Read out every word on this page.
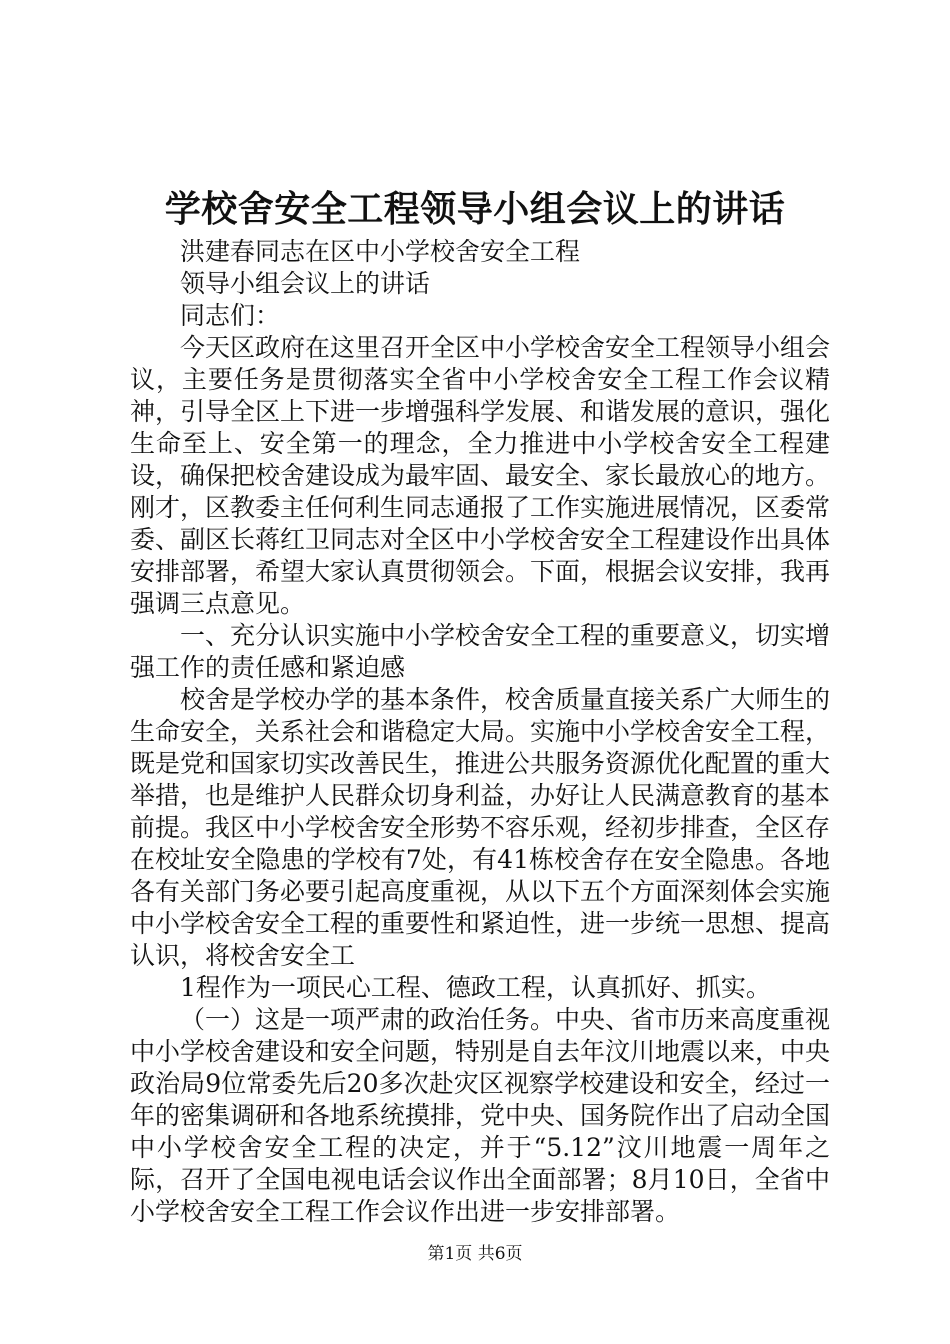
学校舍安全工程领导小组会议上的讲话

洪建春同志在区中小学校舍安全工程

领导小组会议上的讲话

同志们：

今天区政府在这里召开全区中小学校舍安全工程领导小组会议，主要任务是贯彻落实全省中小学校舍安全工程工作会议精神，引导全区上下进一步增强科学发展、和谐发展的意识，强化生命至上、安全第一的理念，全力推进中小学校舍安全工程建设，确保把校舍建设成为最牢固、最安全、家长最放心的地方。刚才，区教委主任何利生同志通报了工作实施进展情况，区委常委、副区长蒋红卫同志对全区中小学校舍安全工程建设作出具体安排部署，希望大家认真贯彻领会。下面，根据会议安排，我再强调三点意见。

一、充分认识实施中小学校舍安全工程的重要意义，切实增强工作的责任感和紧迫感

校舍是学校办学的基本条件，校舍质量直接关系广大师生的生命安全，关系社会和谐稳定大局。实施中小学校舍安全工程，既是党和国家切实改善民生，推进公共服务资源优化配置的重大举措，也是维护人民群众切身利益，办好让人民满意教育的基本前提。我区中小学校舍安全形势不容乐观，经初步排查，全区存在校址安全隐患的学校有7处，有41栋校舍存在安全隐患。各地各有关部门务必要引起高度重视，从以下五个方面深刻体会实施中小学校舍安全工程的重要性和紧迫性，进一步统一思想、提高认识，将校舍安全工

1程作为一项民心工程、德政工程，认真抓好、抓实。

（一）这是一项严肃的政治任务。中央、省市历来高度重视中小学校舍建设和安全问题，特别是自去年汶川地震以来，中央政治局9位常委先后20多次赴灾区视察学校建设和安全，经过一年的密集调研和各地系统摸排，党中央、国务院作出了启动全国中小学校舍安全工程的决定，并于“5.12”汶川地震一周年之际，召开了全国电视电话会议作出全面部署；8月10日，全省中小学校舍安全工程工作会议作出进一步安排部署。

第1页 共6页
